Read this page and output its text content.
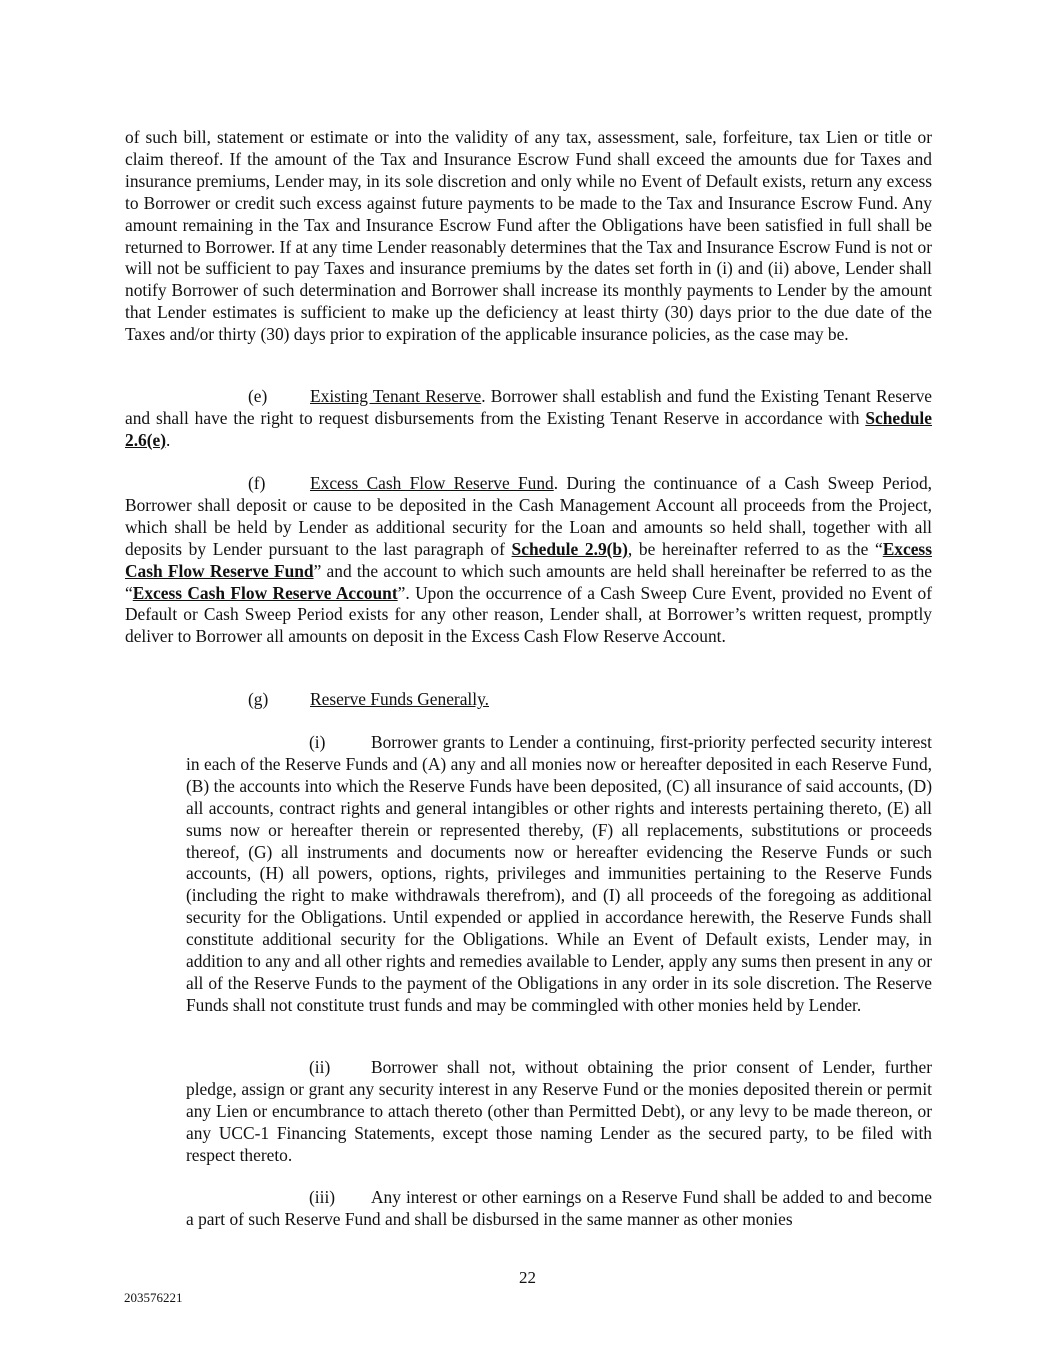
of such bill, statement or estimate or into the validity of any tax, assessment, sale, forfeiture, tax Lien or title or claim thereof. If the amount of the Tax and Insurance Escrow Fund shall exceed the amounts due for Taxes and insurance premiums, Lender may, in its sole discretion and only while no Event of Default exists, return any excess to Borrower or credit such excess against future payments to be made to the Tax and Insurance Escrow Fund. Any amount remaining in the Tax and Insurance Escrow Fund after the Obligations have been satisfied in full shall be returned to Borrower. If at any time Lender reasonably determines that the Tax and Insurance Escrow Fund is not or will not be sufficient to pay Taxes and insurance premiums by the dates set forth in (i) and (ii) above, Lender shall notify Borrower of such determination and Borrower shall increase its monthly payments to Lender by the amount that Lender estimates is sufficient to make up the deficiency at least thirty (30) days prior to the due date of the Taxes and/or thirty (30) days prior to expiration of the applicable insurance policies, as the case may be.

(e) Existing Tenant Reserve. Borrower shall establish and fund the Existing Tenant Reserve and shall have the right to request disbursements from the Existing Tenant Reserve in accordance with Schedule 2.6(e).

(f)	Excess Cash Flow Reserve Fund. During the continuance of a Cash Sweep Period, Borrower shall deposit or cause to be deposited in the Cash Management Account all proceeds from the Project, which shall be held by Lender as additional security for the Loan and amounts so held shall, together with all deposits by Lender pursuant to the last paragraph of Schedule 2.9(b), be hereinafter referred to as the “Excess Cash Flow Reserve Fund” and the account to which such amounts are held shall hereinafter be referred to as the “Excess Cash Flow Reserve Account”. Upon the occurrence of a Cash Sweep Cure Event, provided no Event of Default or Cash Sweep Period exists for any other reason, Lender shall, at Borrower’s written request, promptly deliver to Borrower all amounts on deposit in the Excess Cash Flow Reserve Account.

(g) Reserve Funds Generally.

(i)	Borrower grants to Lender a continuing, first-priority perfected security interest in each of the Reserve Funds and (A) any and all monies now or hereafter deposited in each Reserve Fund, (B) the accounts into which the Reserve Funds have been deposited, (C) all insurance of said accounts, (D) all accounts, contract rights and general intangibles or other rights and interests pertaining thereto, (E) all sums now or hereafter therein or represented thereby, (F) all replacements, substitutions or proceeds thereof, (G) all instruments and documents now or hereafter evidencing the Reserve Funds or such accounts, (H) all powers, options, rights, privileges and immunities pertaining to the Reserve Funds (including the right to make withdrawals therefrom), and (I) all proceeds of the foregoing as additional security for the Obligations. Until expended or applied in accordance herewith, the Reserve Funds shall constitute additional security for the Obligations. While an Event of Default exists, Lender may, in addition to any and all other rights and remedies available to Lender, apply any sums then present in any or all of the Reserve Funds to the payment of the Obligations in any order in its sole discretion. The Reserve Funds shall not constitute trust funds and may be commingled with other monies held by Lender.

(ii) Borrower shall not, without obtaining the prior consent of Lender, further pledge, assign or grant any security interest in any Reserve Fund or the monies deposited therein or permit any Lien or encumbrance to attach thereto (other than Permitted Debt), or any levy to be made thereon, or any UCC-1 Financing Statements, except those naming Lender as the secured party, to be filed with respect thereto.

(iii) Any interest or other earnings on a Reserve Fund shall be added to and become a part of such Reserve Fund and shall be disbursed in the same manner as other monies

22
203576221
